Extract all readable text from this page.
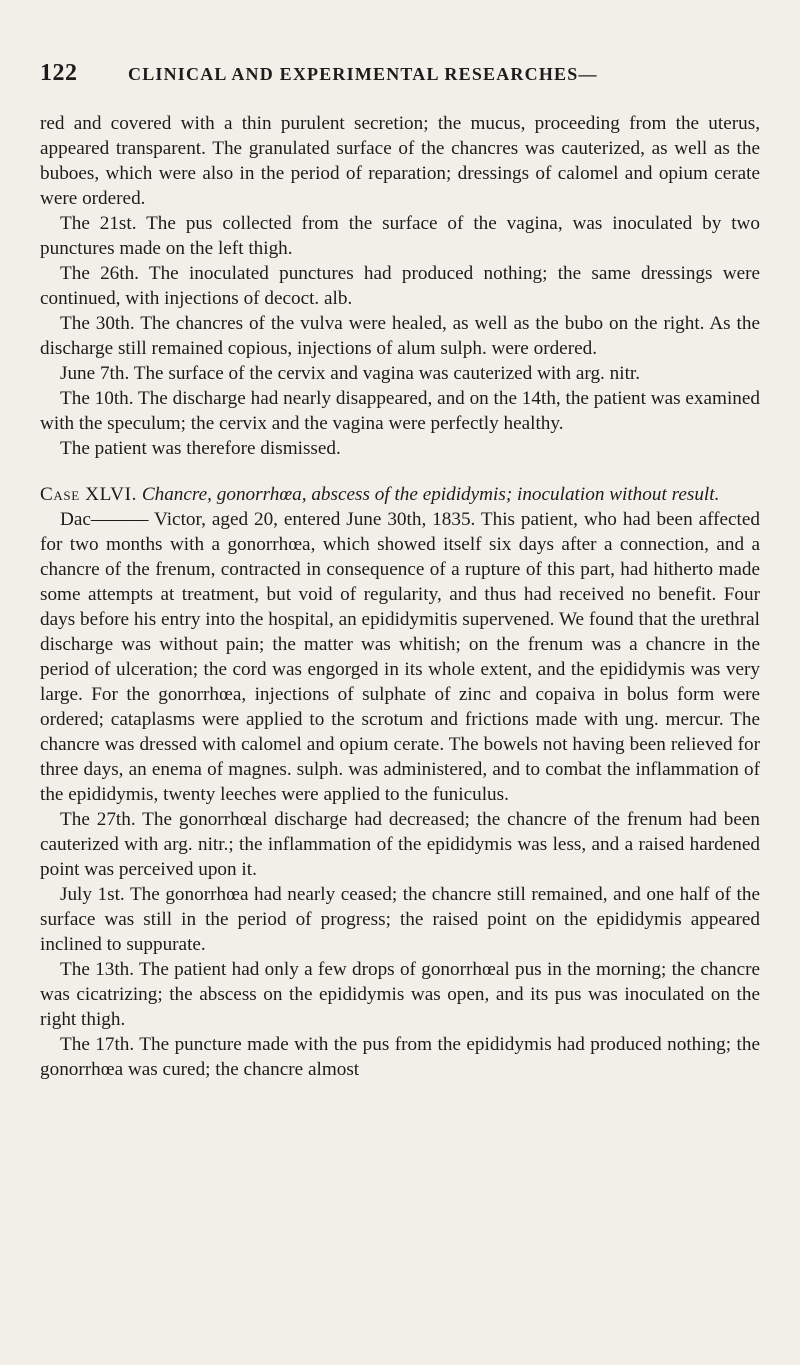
122	CLINICAL AND EXPERIMENTAL RESEARCHES—

red and covered with a thin purulent secretion; the mucus, proceeding from the uterus, appeared transparent. The granulated surface of the chancres was cauterized, as well as the buboes, which were also in the period of reparation; dressings of calomel and opium cerate were ordered.

The 21st. The pus collected from the surface of the vagina, was inoculated by two punctures made on the left thigh.

The 26th. The inoculated punctures had produced nothing; the same dressings were continued, with injections of decoct. alb.

The 30th. The chancres of the vulva were healed, as well as the bubo on the right. As the discharge still remained copious, injections of alum sulph. were ordered.

June 7th. The surface of the cervix and vagina was cauterized with arg. nitr.

The 10th. The discharge had nearly disappeared, and on the 14th, the patient was examined with the speculum; the cervix and the vagina were perfectly healthy.

The patient was therefore dismissed.

Case XLVI. Chancre, gonorrhœa, abscess of the epididymis; inoculation without result.

Dac——— Victor, aged 20, entered June 30th, 1835. This patient, who had been affected for two months with a gonorrhœa, which showed itself six days after a connection, and a chancre of the frenum, contracted in consequence of a rupture of this part, had hitherto made some attempts at treatment, but void of regularity, and thus had received no benefit. Four days before his entry into the hospital, an epididymitis supervened. We found that the urethral discharge was without pain; the matter was whitish; on the frenum was a chancre in the period of ulceration; the cord was engorged in its whole extent, and the epididymis was very large. For the gonorrhœa, injections of sulphate of zinc and copaiva in bolus form were ordered; cataplasms were applied to the scrotum and frictions made with ung. mercur. The chancre was dressed with calomel and opium cerate. The bowels not having been relieved for three days, an enema of magnes. sulph. was administered, and to combat the inflammation of the epididymis, twenty leeches were applied to the funiculus.

The 27th. The gonorrhœal discharge had decreased; the chancre of the frenum had been cauterized with arg. nitr.; the inflammation of the epididymis was less, and a raised hardened point was perceived upon it.

July 1st. The gonorrhœa had nearly ceased; the chancre still remained, and one half of the surface was still in the period of progress; the raised point on the epididymis appeared inclined to suppurate.

The 13th. The patient had only a few drops of gonorrhœal pus in the morning; the chancre was cicatrizing; the abscess on the epididymis was open, and its pus was inoculated on the right thigh.

The 17th. The puncture made with the pus from the epididymis had produced nothing; the gonorrhœa was cured; the chancre almost
